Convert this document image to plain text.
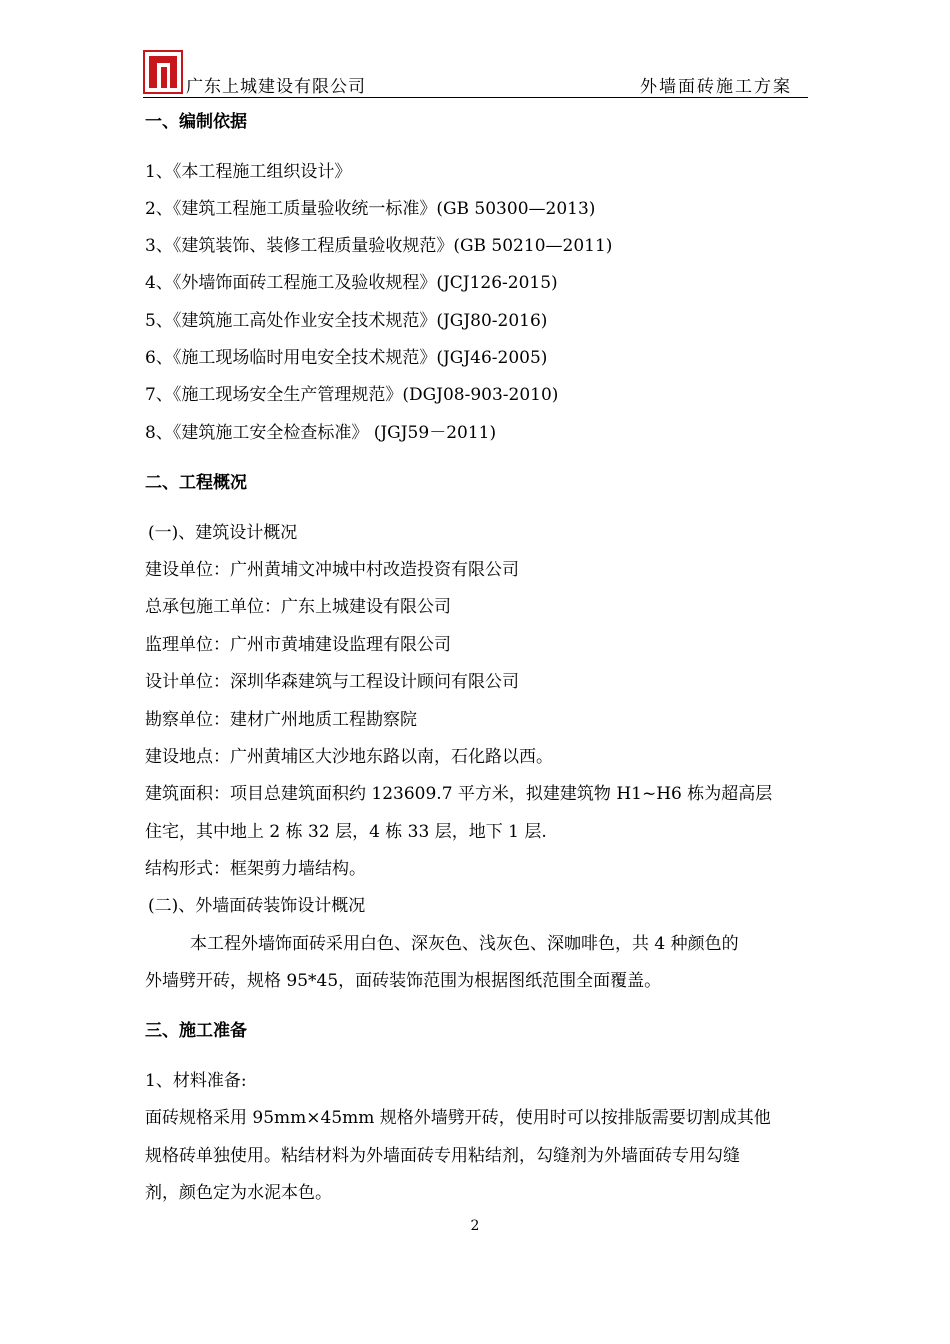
广东上城建设有限公司	外墙面砖施工方案
一、编制依据
1、《本工程施工组织设计》
2、《建筑工程施工质量验收统一标准》(GB 50300—2013)
3、《建筑装饰、装修工程质量验收规范》(GB 50210—2011)
4、《外墙饰面砖工程施工及验收规程》(JCJ126-2015)
5、《建筑施工高处作业安全技术规范》(JGJ80-2016)
6、《施工现场临时用电安全技术规范》(JGJ46-2005)
7、《施工现场安全生产管理规范》(DGJ08-903-2010)
8、《建筑施工安全检查标准》 (JGJ59－2011)
二、工程概况
(一)、建筑设计概况
建设单位：广州黄埔文冲城中村改造投资有限公司
总承包施工单位：广东上城建设有限公司
监理单位：广州市黄埔建设监理有限公司
设计单位：深圳华森建筑与工程设计顾问有限公司
勘察单位：建材广州地质工程勘察院
建设地点：广州黄埔区大沙地东路以南，石化路以西。
建筑面积：项目总建筑面积约 123609.7 平方米，拟建建筑物 H1~H6 栋为超高层
住宅，其中地上 2 栋 32 层，4 栋 33 层，地下 1 层.
结构形式：框架剪力墙结构。
(二)、外墙面砖装饰设计概况
本工程外墙饰面砖采用白色、深灰色、浅灰色、深咖啡色，共 4 种颜色的
外墙劈开砖，规格 95*45，面砖装饰范围为根据图纸范围全面覆盖。
三、施工准备
1、材料准备:
面砖规格采用 95mm×45mm 规格外墙劈开砖，使用时可以按排版需要切割成其他
规格砖单独使用。粘结材料为外墙面砖专用粘结剂，勾缝剂为外墙面砖专用勾缝
剂，颜色定为水泥本色。
2
